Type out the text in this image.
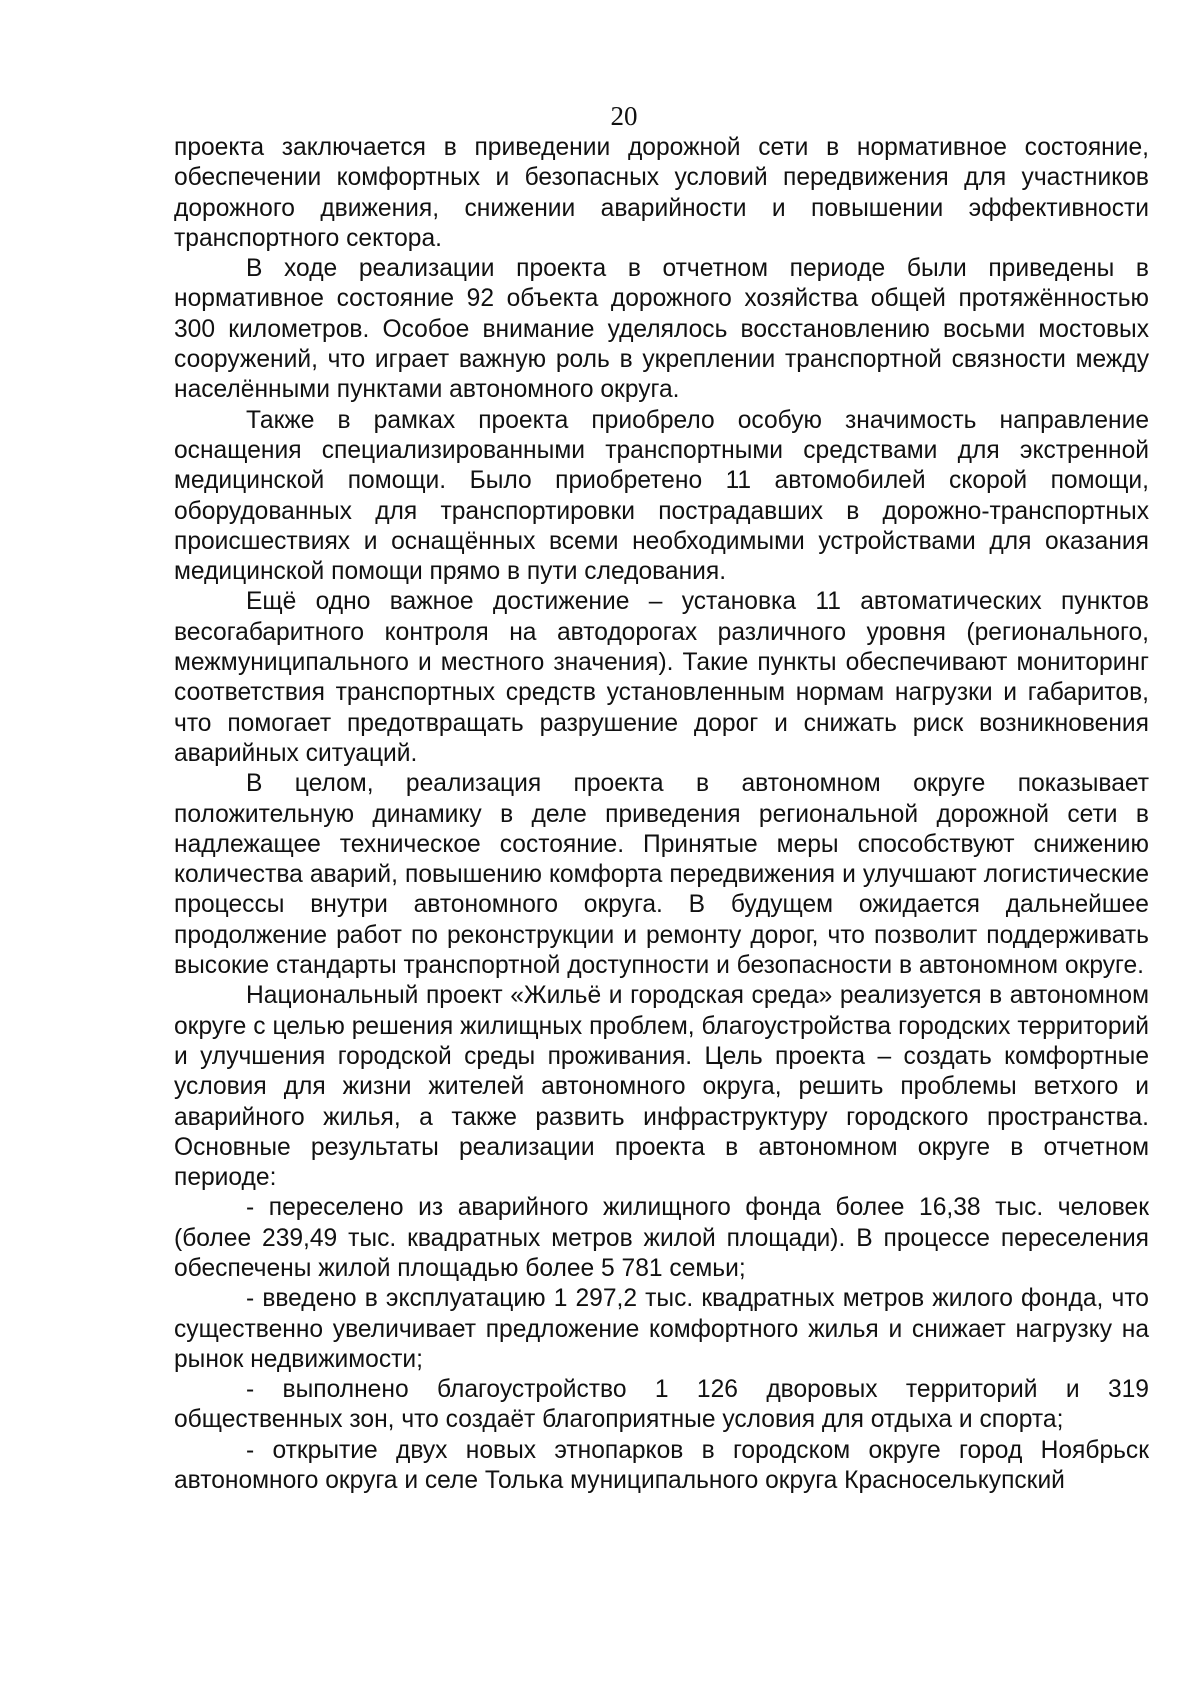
20

проекта заключается в приведении дорожной сети в нормативное состояние, обеспечении комфортных и безопасных условий передвижения для участников дорожного движения, снижении аварийности и повышении эффективности транспортного сектора.

В ходе реализации проекта в отчетном периоде были приведены в нормативное состояние 92 объекта дорожного хозяйства общей протяжённостью 300 километров. Особое внимание уделялось восстановлению восьми мостовых сооружений, что играет важную роль в укреплении транспортной связности между населёнными пунктами автономного округа.

Также в рамках проекта приобрело особую значимость направление оснащения специализированными транспортными средствами для экстренной медицинской помощи. Было приобретено 11 автомобилей скорой помощи, оборудованных для транспортировки пострадавших в дорожно-транспортных происшествиях и оснащённых всеми необходимыми устройствами для оказания медицинской помощи прямо в пути следования.

Ещё одно важное достижение – установка 11 автоматических пунктов весогабаритного контроля на автодорогах различного уровня (регионального, межмуниципального и местного значения). Такие пункты обеспечивают мониторинг соответствия транспортных средств установленным нормам нагрузки и габаритов, что помогает предотвращать разрушение дорог и снижать риск возникновения аварийных ситуаций.

В целом, реализация проекта в автономном округе показывает положительную динамику в деле приведения региональной дорожной сети в надлежащее техническое состояние. Принятые меры способствуют снижению количества аварий, повышению комфорта передвижения и улучшают логистические процессы внутри автономного округа. В будущем ожидается дальнейшее продолжение работ по реконструкции и ремонту дорог, что позволит поддерживать высокие стандарты транспортной доступности и безопасности в автономном округе.

Национальный проект «Жильё и городская среда» реализуется в автономном округе с целью решения жилищных проблем, благоустройства городских территорий и улучшения городской среды проживания. Цель проекта – создать комфортные условия для жизни жителей автономного округа, решить проблемы ветхого и аварийного жилья, а также развить инфраструктуру городского пространства. Основные результаты реализации проекта в автономном округе в отчетном периоде:

- переселено из аварийного жилищного фонда более 16,38 тыс. человек (более 239,49 тыс. квадратных метров жилой площади). В процессе переселения обеспечены жилой площадью более 5 781 семьи;

- введено в эксплуатацию 1 297,2 тыс. квадратных метров жилого фонда, что существенно увеличивает предложение комфортного жилья и снижает нагрузку на рынок недвижимости;

- выполнено благоустройство 1 126 дворовых территорий и 319 общественных зон, что создаёт благоприятные условия для отдыха и спорта;

- открытие двух новых этнопарков в городском округе город Ноябрьск автономного округа и селе Толька муниципального округа Красноселькупский
